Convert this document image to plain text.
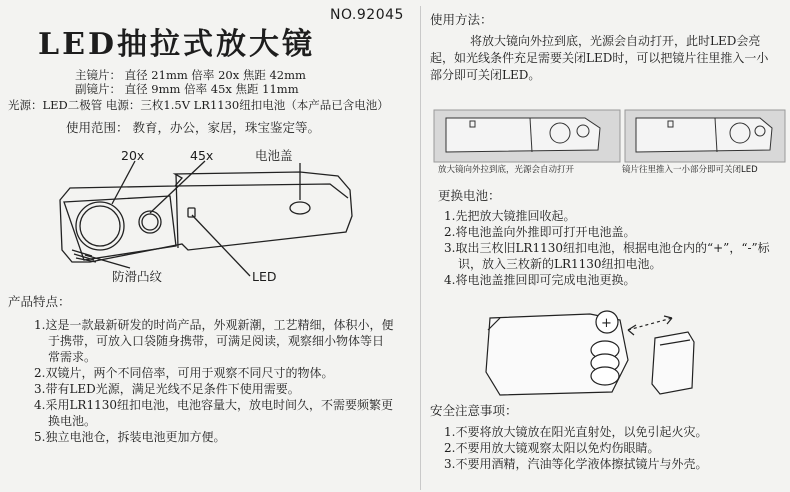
NO.92045
LED抽拉式放大镜
主镜片： 直径 21mm 倍率 20x 焦距 42mm
副镜片： 直径 9mm 倍率 45x 焦距 11mm
光源：LED二极管 电源：三枚1.5V LR1130纽扣电池（本产品已含电池）
使用范围： 教育，办公，家居，珠宝鉴定等。
20x	45x	电池盖
防滑凸纹	LED
产品特点：
1.这是一款最新研发的时尚产品，外观新潮，工艺精细，体积小，便于携带，可放入口袋随身携带，可满足阅读，观察细小物体等日常需求。
2.双镜片，两个不同倍率，可用于观察不同尺寸的物体。
3.带有LED光源，满足光线不足条件下使用需要。
4.采用LR1130纽扣电池，电池容量大，放电时间久，不需要频繁更换电池。
5.独立电池仓，拆装电池更加方便。
使用方法：
将放大镜向外拉到底，光源会自动打开，此时LED会亮起，如光线条件充足需要关闭LED时，可以把镜片往里推入一小部分即可关闭LED。
放大镜向外拉到底，光源会自动打开	镜片往里推入一小部分即可关闭LED
更换电池：
1.先把放大镜推回收起。
2.将电池盖向外推即可打开电池盖。
3.取出三枚旧LR1130纽扣电池，根据电池仓内的“+”，“-”标识，放入三枚新的LR1130纽扣电池。
4.将电池盖推回即可完成电池更换。
+
安全注意事项：
1.不要将放大镜放在阳光直射处，以免引起火灾。
2.不要用放大镜观察太阳以免灼伤眼睛。
3.不要用酒精，汽油等化学液体擦拭镜片与外壳。
